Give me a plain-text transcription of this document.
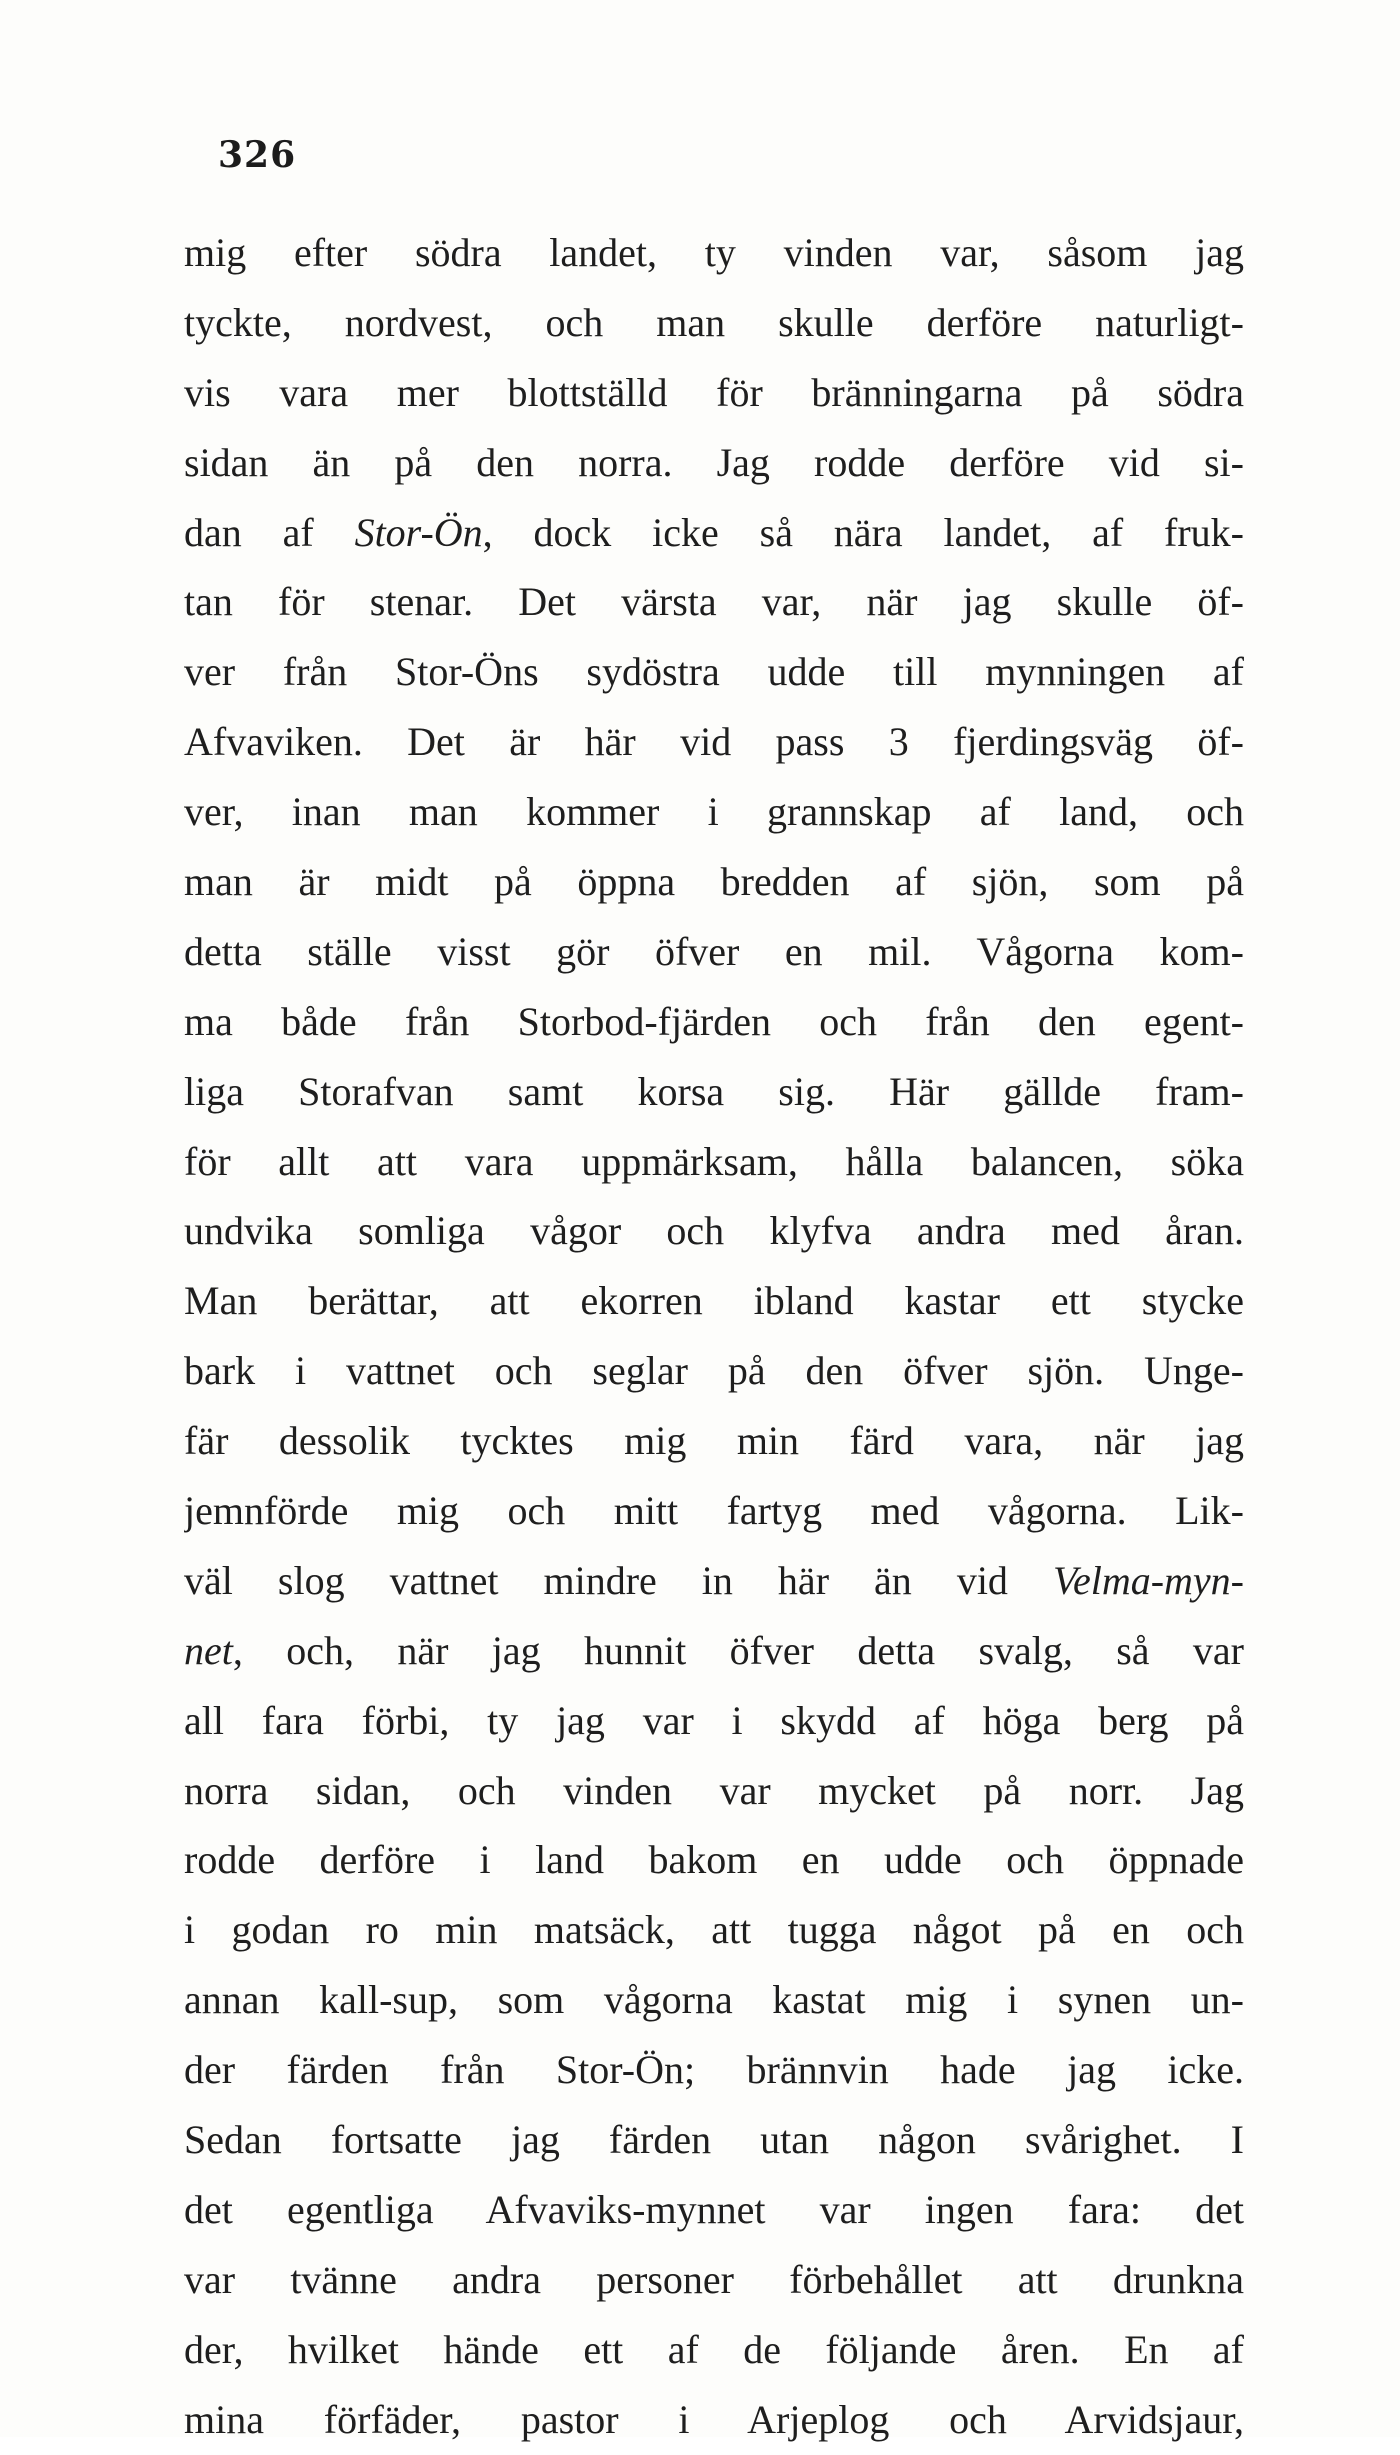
326
mig efter södra landet, ty vinden var, såsom jag
tyckte, nordvest, och man skulle derföre naturligt-
vis vara mer blottställd för bränningarna på södra
sidan än på den norra. Jag rodde derföre vid si-
dan af Stor-Ön, dock icke så nära landet, af fruk-
tan för stenar. Det värsta var, när jag skulle öf-
ver från Stor-Öns sydöstra udde till mynningen af
Afvaviken. Det är här vid pass 3 fjerdingsväg öf-
ver, inan man kommer i grannskap af land, och
man är midt på öppna bredden af sjön, som på
detta ställe visst gör öfver en mil. Vågorna kom-
ma både från Storbod-fjärden och från den egent-
liga Storafvan samt korsa sig. Här gällde fram-
för allt att vara uppmärksam, hålla balancen, söka
undvika somliga vågor och klyfva andra med åran.
Man berättar, att ekorren ibland kastar ett stycke
bark i vattnet och seglar på den öfver sjön. Unge-
fär dessolik tycktes mig min färd vara, när jag
jemnförde mig och mitt fartyg med vågorna. Lik-
väl slog vattnet mindre in här än vid Velma-myn-
net, och, när jag hunnit öfver detta svalg, så var
all fara förbi, ty jag var i skydd af höga berg på
norra sidan, och vinden var mycket på norr. Jag
rodde derföre i land bakom en udde och öppnade
i godan ro min matsäck, att tugga något på en och
annan kall-sup, som vågorna kastat mig i synen un-
der färden från Stor-Ön; brännvin hade jag icke.
Sedan fortsatte jag färden utan någon svårighet. I
det egentliga Afvaviks-mynnet var ingen fara: det
var tvänne andra personer förbehållet att drunkna
der, hvilket hände ett af de följande åren. En af
mina förfäder, pastor i Arjeplog och Arvidsjaur,
